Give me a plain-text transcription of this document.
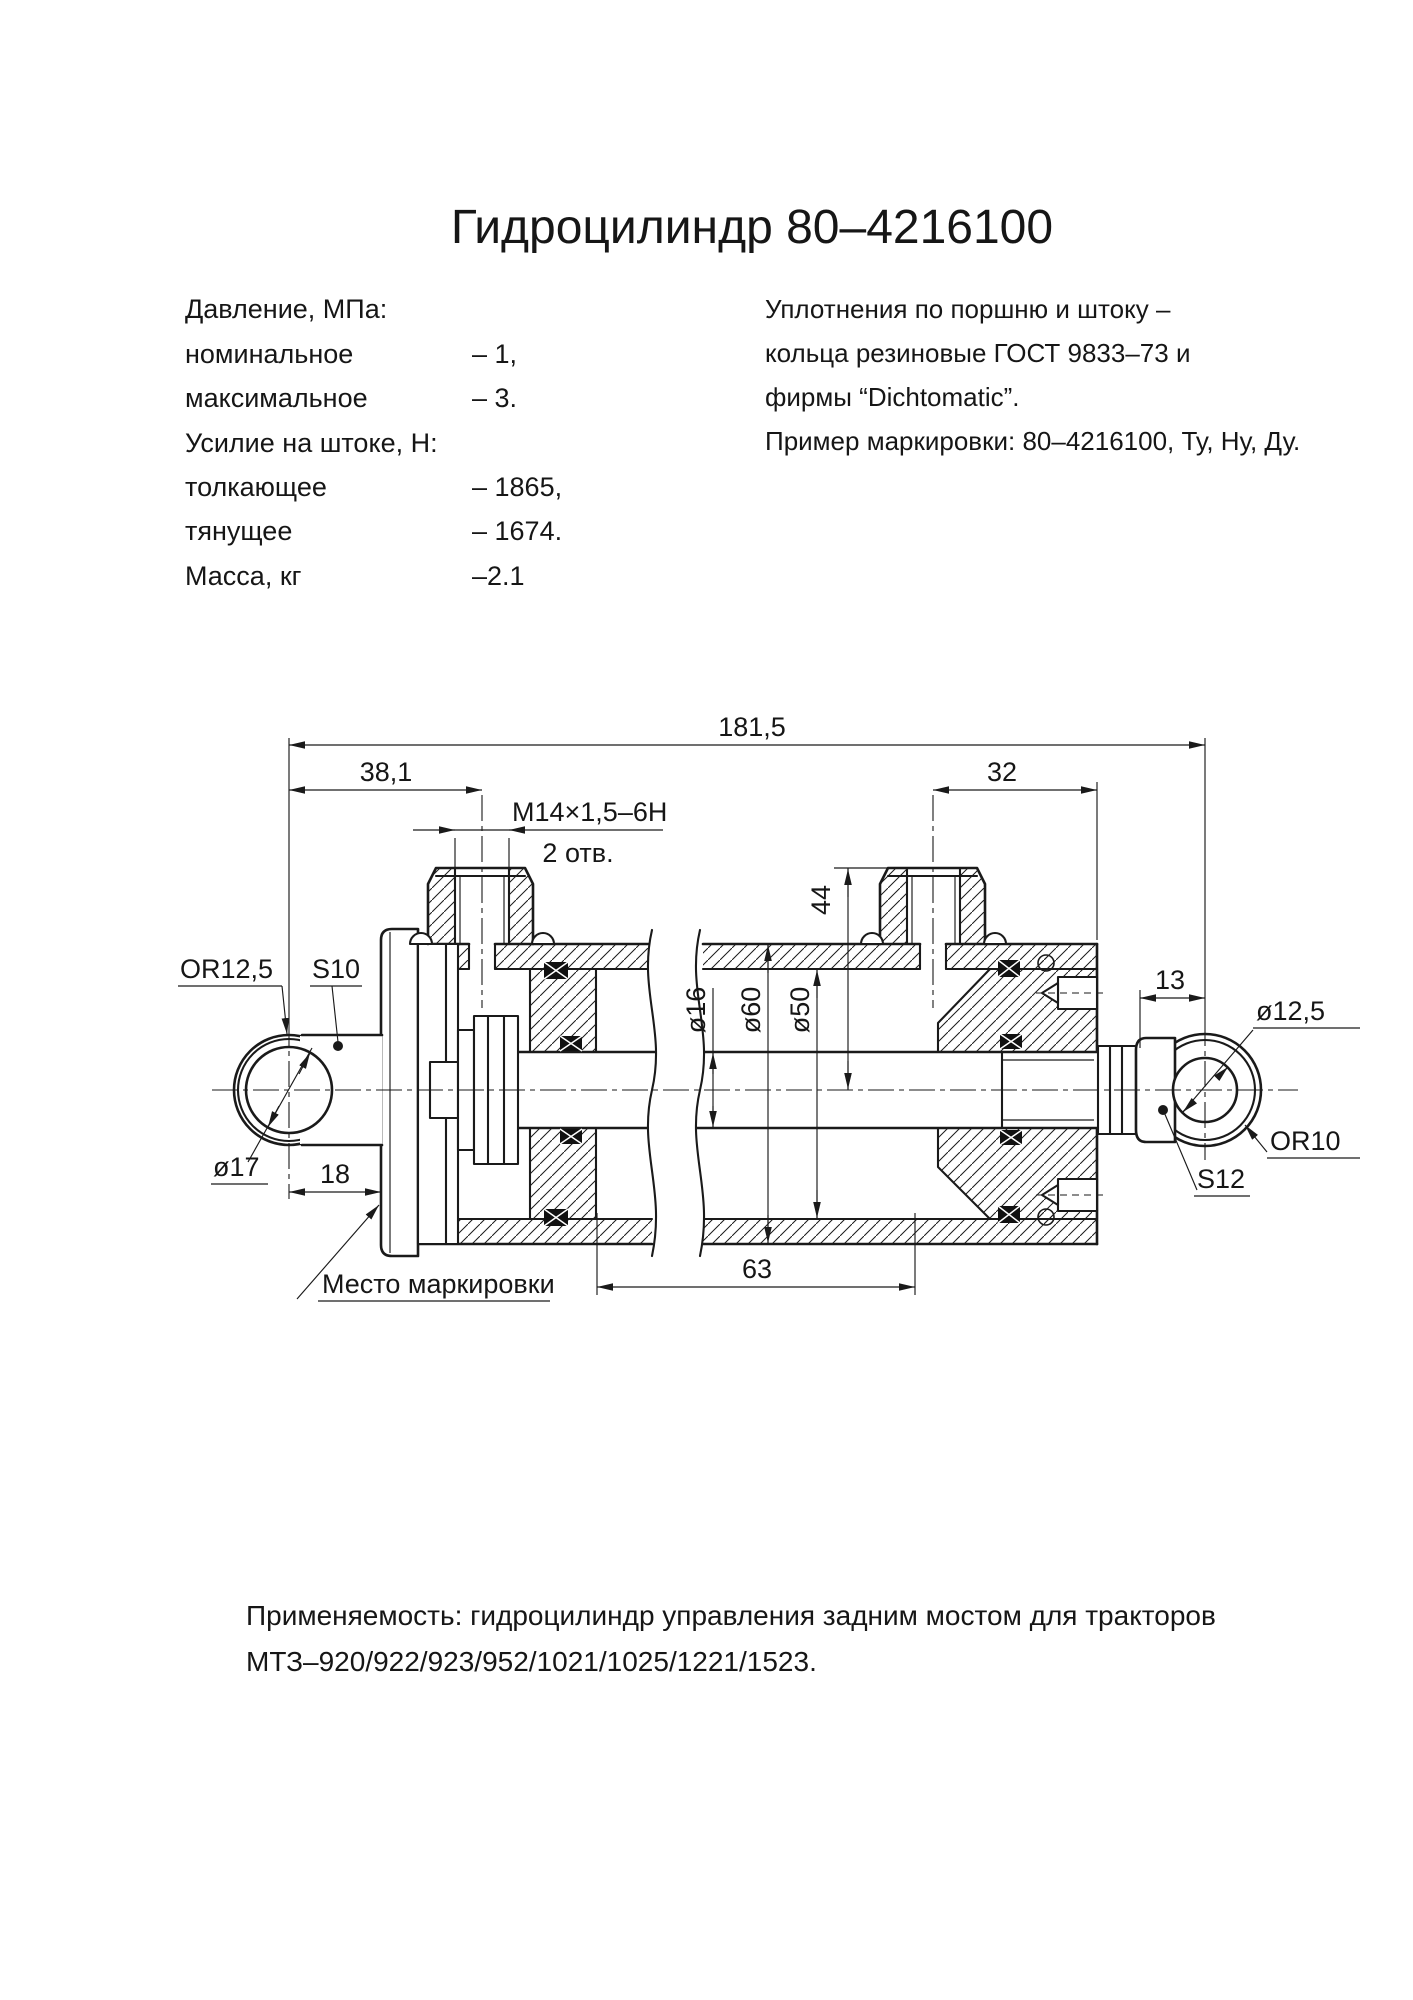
Гидроцилиндр 80–4216100
Давление, МПа:
номинальное
максимальное
Усилие на штоке, Н:
толкающее
тянущее
Масса, кг
– 1,
– 3.
– 1865,
– 1674.
–2.1
Уплотнения по поршню и штоку –
кольца резиновые ГОСТ 9833–73 и
фирмы “Dichtomatic”.
Пример маркировки: 80–4216100, Ту, Ну, Ду.
181,5
38,1	32
M14×1,5–6H
2 отв.
44
ø16 ø60 ø50
63
13
18
OR12,5 S10
ø17
ø12,5
OR10
S12
Место маркировки
Применяемость: гидроцилиндр управления задним мостом для тракторов
МТЗ–920/922/923/952/1021/1025/1221/1523.
